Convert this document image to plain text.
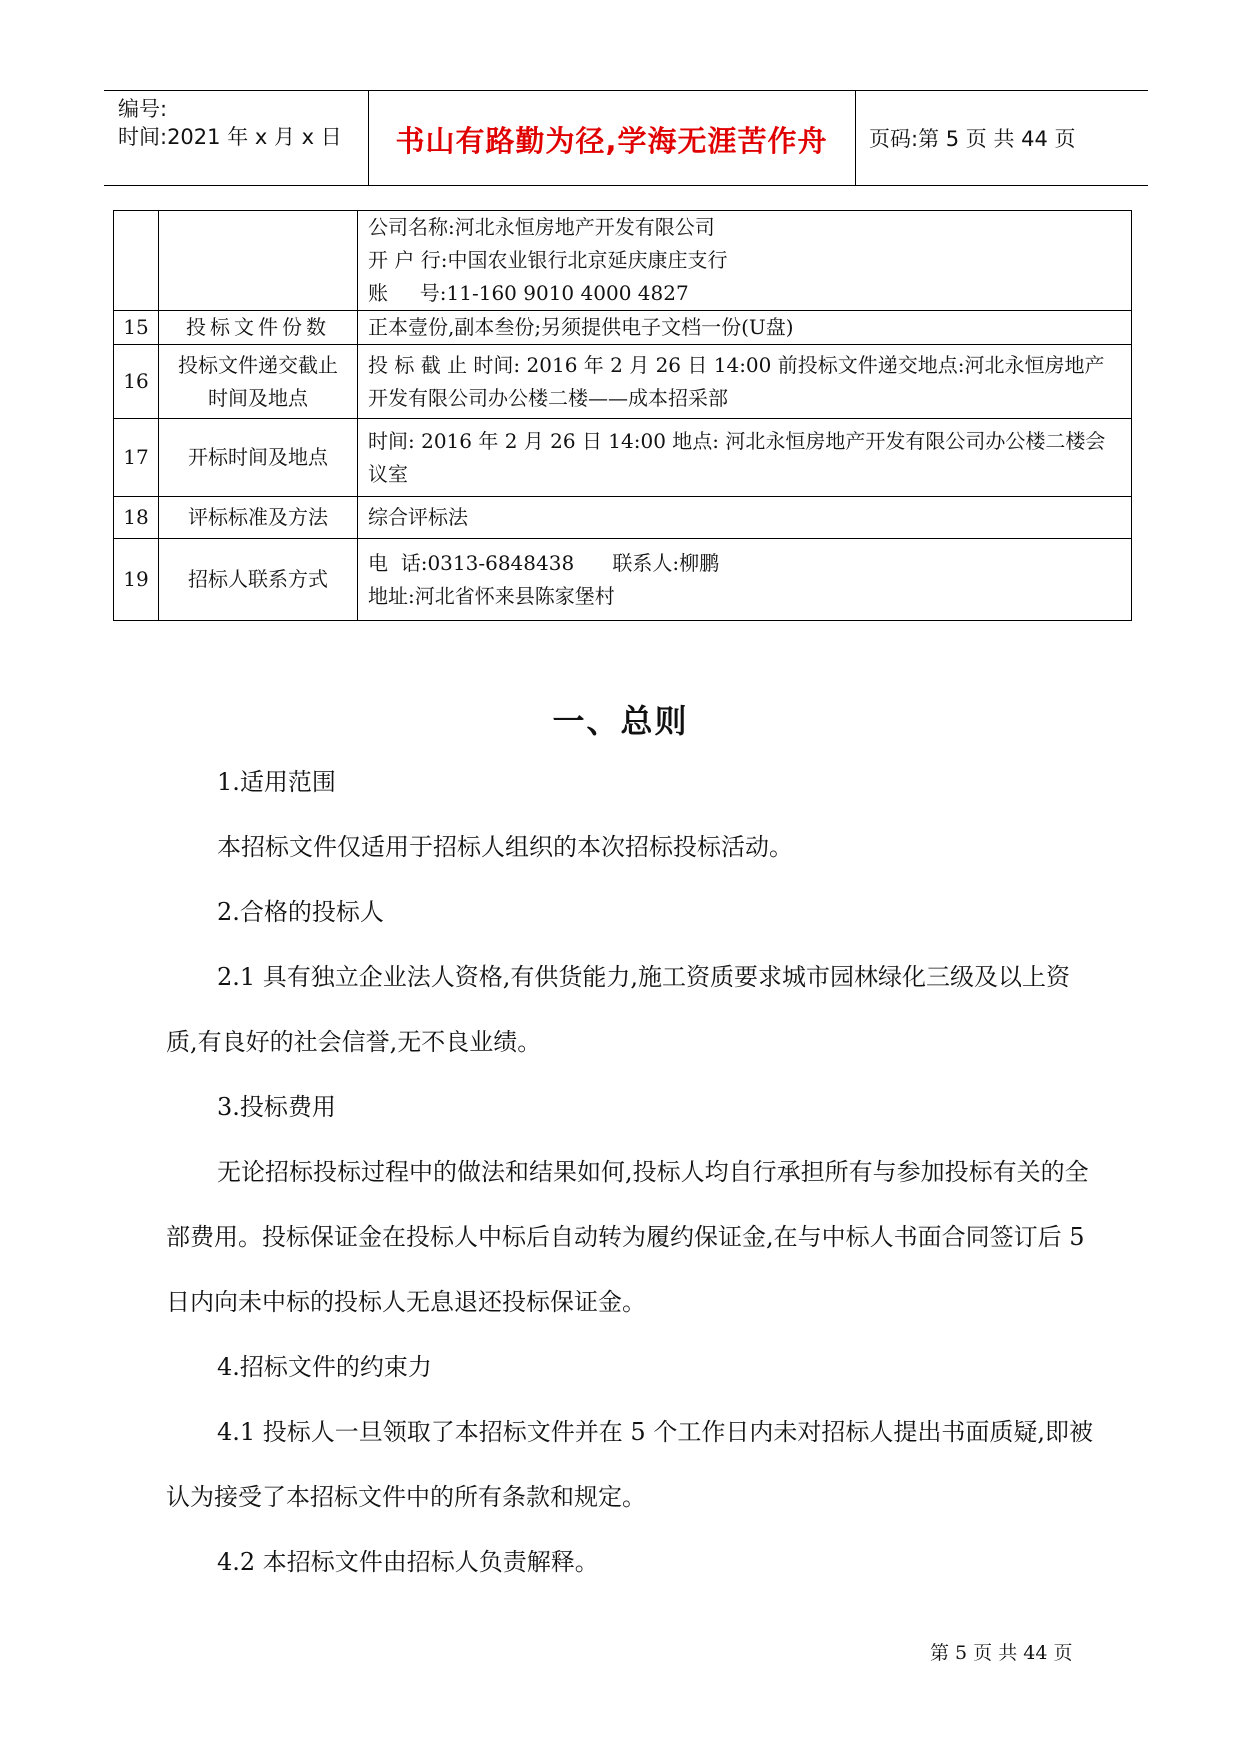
编号:
时间:2021 年 x 月 x 日	书山有路勤为径,学海无涯苦作舟	页码:第 5 页 共 44 页

		公司名称:河北永恒房地产开发有限公司
开 户 行:中国农业银行北京延庆康庄支行
账     号:11-160 9010 4000 4827

15	投标文件份数	正本壹份,副本叁份;另须提供电子文档一份(U盘)

16	投标文件递交截止时间及地点	投 标 截 止 时间: 2016 年 2 月 26 日 14:00 前投标文件递交地点:河北永恒房地产开发有限公司办公楼二楼——成本招采部

17	开标时间及地点	时间: 2016 年 2 月 26 日 14:00 地点: 河北永恒房地产开发有限公司办公楼二楼会议室

18	评标标准及方法	综合评标法

19	招标人联系方式	电  话:0313-6848438      联系人:柳鹏
地址:河北省怀来县陈家堡村
一、总则

1.适用范围

本招标文件仅适用于招标人组织的本次招标投标活动。

2.合格的投标人

2.1 具有独立企业法人资格,有供货能力,施工资质要求城市园林绿化三级及以上资质,有良好的社会信誉,无不良业绩。

3.投标费用

无论招标投标过程中的做法和结果如何,投标人均自行承担所有与参加投标有关的全部费用。投标保证金在投标人中标后自动转为履约保证金,在与中标人书面合同签订后 5 日内向未中标的投标人无息退还投标保证金。

4.招标文件的约束力

4.1 投标人一旦领取了本招标文件并在 5 个工作日内未对招标人提出书面质疑,即被认为接受了本招标文件中的所有条款和规定。

4.2 本招标文件由招标人负责解释。

第 5 页 共 44 页
